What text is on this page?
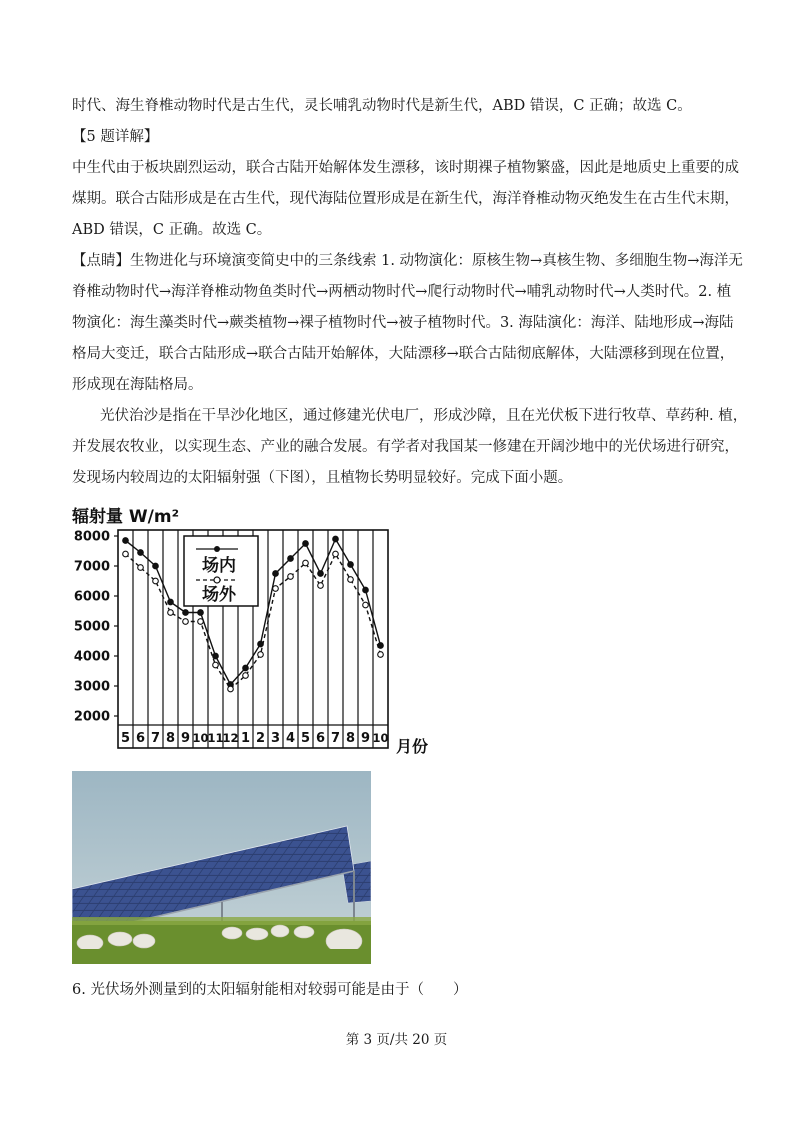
时代、海生脊椎动物时代是古生代，灵长哺乳动物时代是新生代，ABD 错误，C 正确；故选 C。
【5 题详解】
中生代由于板块剧烈运动，联合古陆开始解体发生漂移，该时期裸子植物繁盛，因此是地质史上重要的成
煤期。联合古陆形成是在古生代，现代海陆位置形成是在新生代，海洋脊椎动物灭绝发生在古生代末期，
ABD 错误，C 正确。故选 C。
【点睛】生物进化与环境演变简史中的三条线索 1. 动物演化：原核生物→真核生物、多细胞生物→海洋无
脊椎动物时代→海洋脊椎动物鱼类时代→两栖动物时代→爬行动物时代→哺乳动物时代→人类时代。2. 植
物演化：海生藻类时代→蕨类植物→裸子植物时代→被子植物时代。3. 海陆演化：海洋、陆地形成→海陆
格局大变迁，联合古陆形成→联合古陆开始解体，大陆漂移→联合古陆彻底解体，大陆漂移到现在位置，
形成现在海陆格局。
光伏治沙是指在干旱沙化地区，通过修建光伏电厂，形成沙障，且在光伏板下进行牧草、草药种. 植，
并发展农牧业，以实现生态、产业的融合发展。有学者对我国某一修建在开阔沙地中的光伏场进行研究，
发现场内较周边的太阳辐射强（下图），且植物长势明显较好。完成下面小题。
辐射量 W/m²
2000
3000
4000
5000
6000
7000
8000
5 6 7 8 9 10
11
12 1 2 3 4 5 6 7 8 9 10
场内
场外
月份
6. 光伏场外测量到的太阳辐射能相对较弱可能是由于（　　）
第 3 页/共 20 页
